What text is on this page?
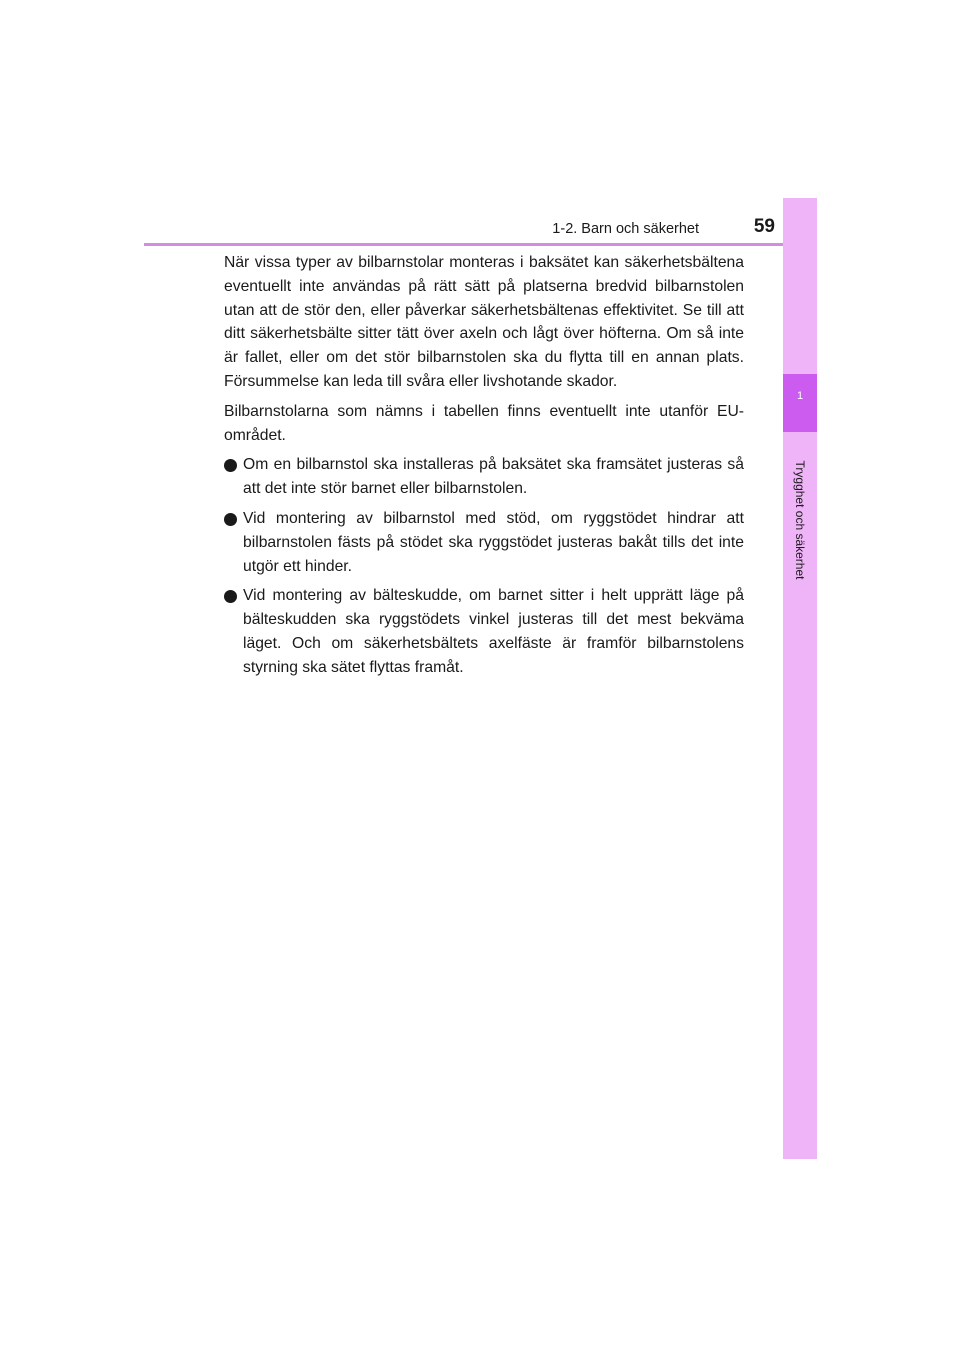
1-2. Barn och säkerhet	59
1
Trygghet och säkerhet

När vissa typer av bilbarnstolar monteras i baksätet kan säkerhetsbältena eventuellt inte användas på rätt sätt på platserna bredvid bilbarnstolen utan att de stör den, eller påverkar säkerhetsbältenas effektivitet. Se till att ditt säkerhetsbälte sitter tätt över axeln och lågt över höfterna. Om så inte är fallet, eller om det stör bilbarnstolen ska du flytta till en annan plats. Försummelse kan leda till svåra eller livshotande skador.

Bilbarnstolarna som nämns i tabellen finns eventuellt inte utanför EU-området.

Om en bilbarnstol ska installeras på baksätet ska framsätet justeras så att det inte stör barnet eller bilbarnstolen.
Vid montering av bilbarnstol med stöd, om ryggstödet hindrar att bilbarnstolen fästs på stödet ska ryggstödet justeras bakåt tills det inte utgör ett hinder.
Vid montering av bälteskudde, om barnet sitter i helt upprätt läge på bälteskudden ska ryggstödets vinkel justeras till det mest bekväma läget. Och om säkerhetsbältets axelfäste är framför bilbarnstolens styrning ska sätet flyttas framåt.
